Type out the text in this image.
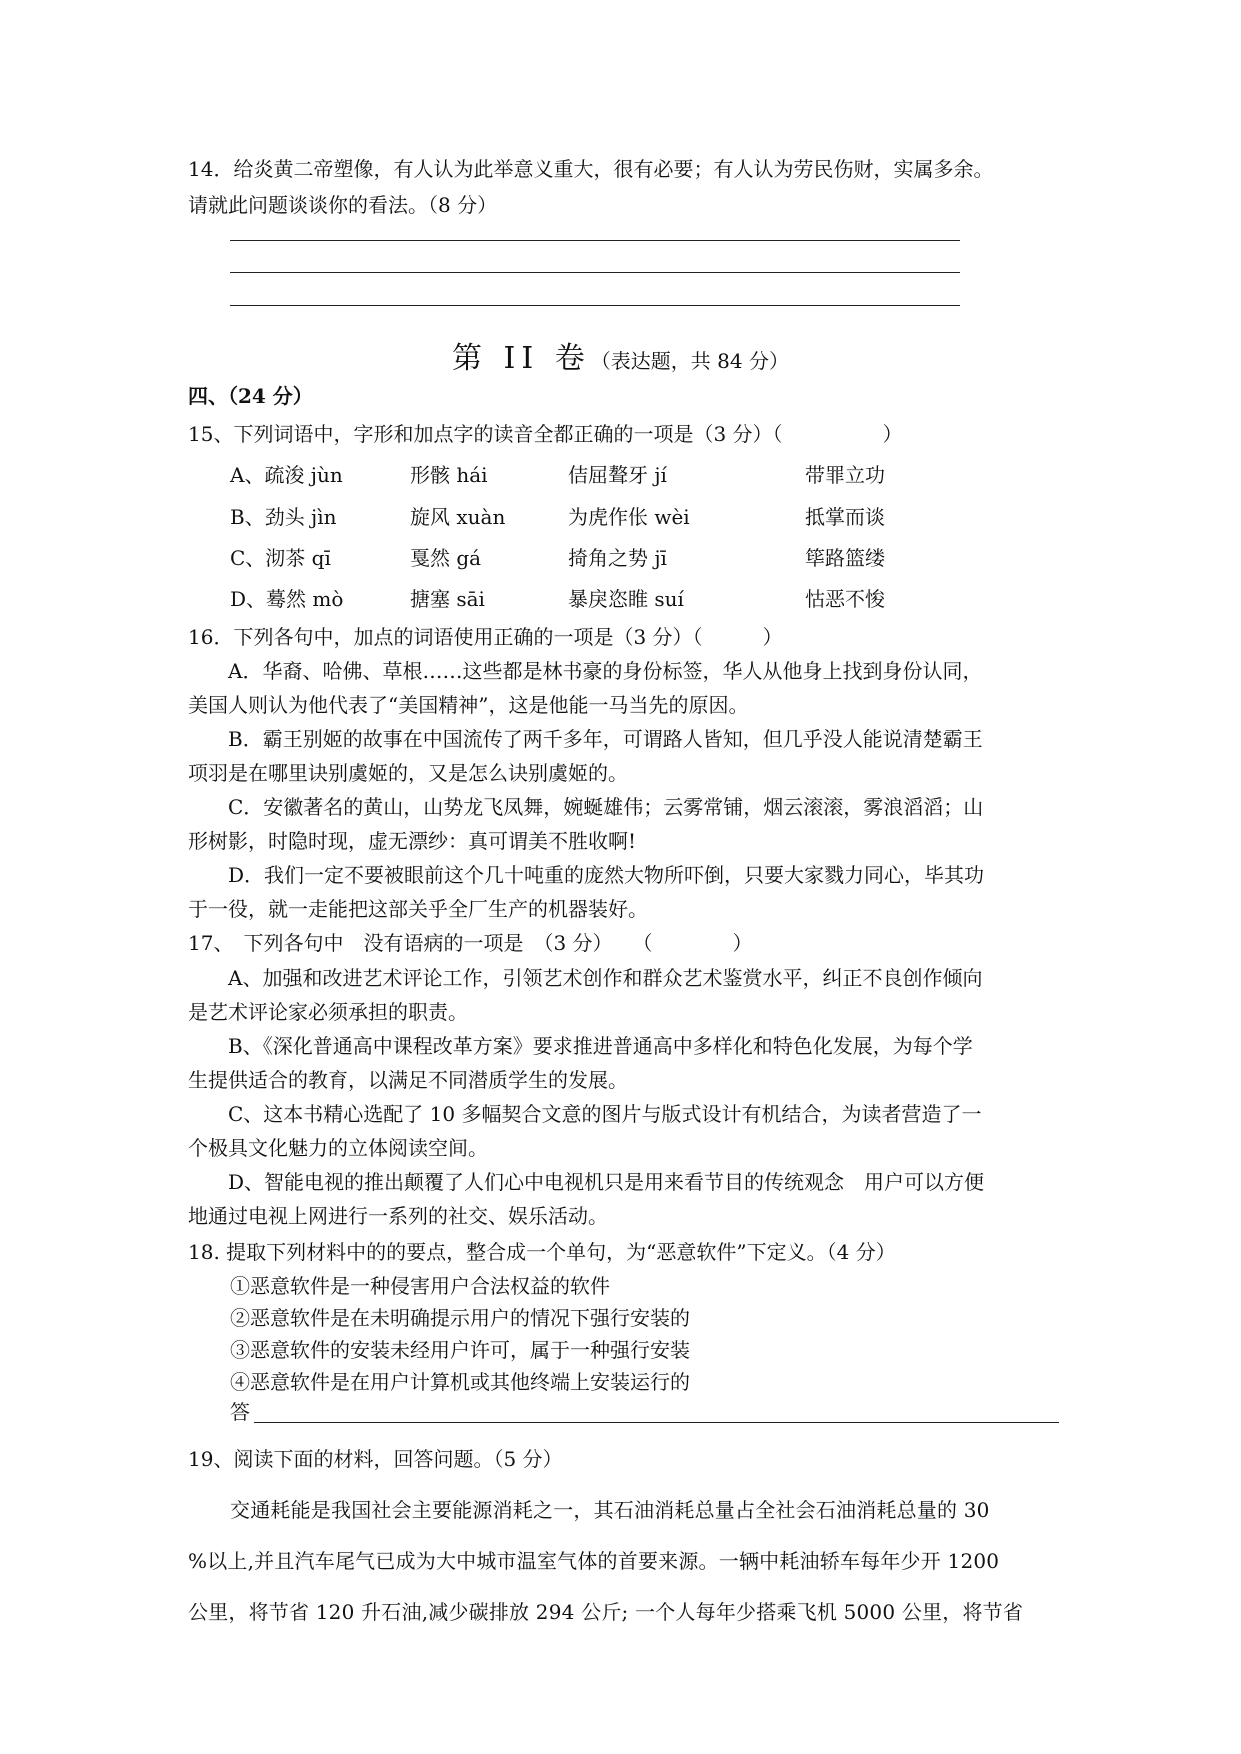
14．给炎黄二帝塑像，有人认为此举意义重大，很有必要；有人认为劳民伤财，实属多余。
请就此问题谈谈你的看法。（8 分）
第 II 卷（表达题，共 84 分）
四、（24 分）
15、下列词语中，字形和加点字的读音全都正确的一项是（3 分）（　　　　　）
A、疏浚 jùn	形骸 hái	佶屈聱牙 jí	带罪立功
B、劲头 jìn	旋风 xuàn	为虎作伥 wèi	抵掌而谈
C、沏茶 qī	戛然 gá	掎角之势 jī	筚路篮缕
D、蓦然 mò	搪塞 sāi	暴戾恣睢 suí	怙恶不悛
16．下列各句中，加点的词语使用正确的一项是（3 分）（　　　）
A．华裔、哈佛、草根……这些都是林书豪的身份标签，华人从他身上找到身份认同，
美国人则认为他代表了“美国精神”，这是他能一马当先的原因。
B．霸王别姬的故事在中国流传了两千多年，可谓路人皆知，但几乎没人能说清楚霸王
项羽是在哪里诀别虞姬的，又是怎么诀别虞姬的。
C．安徽著名的黄山，山势龙飞凤舞，婉蜒雄伟；云雾常铺，烟云滚滚，雾浪滔滔；山
形树影，时隐时现，虚无漂纱：真可谓美不胜收啊!
D．我们一定不要被眼前这个几十吨重的庞然大物所吓倒，只要大家戮力同心，毕其功
于一役，就一走能把这部关乎全厂生产的机器装好。
17、　下列各句中　没有语病的一项是　（3 分）　　（　　　　）
A、加强和改进艺术评论工作，引领艺术创作和群众艺术鉴赏水平，纠正不良创作倾向
是艺术评论家必须承担的职责。
B、《深化普通高中课程改革方案》要求推进普通高中多样化和特色化发展，为每个学
生提供适合的教育，以满足不同潜质学生的发展。
C、这本书精心选配了 10 多幅契合文意的图片与版式设计有机结合，为读者营造了一
个极具文化魅力的立体阅读空间。
D、智能电视的推出颠覆了人们心中电视机只是用来看节目的传统观念　用户可以方便
地通过电视上网进行一系列的社交、娱乐活动。
18. 提取下列材料中的的要点，整合成一个单句，为“恶意软件”下定义。（4 分）
①恶意软件是一种侵害用户合法权益的软件
②恶意软件是在未明确提示用户的情况下强行安装的
③恶意软件的安装未经用户许可，属于一种强行安装
④恶意软件是在用户计算机或其他终端上安装运行的
答
19、阅读下面的材料，回答问题。（5 分）
交通耗能是我国社会主要能源消耗之一，其石油消耗总量占全社会石油消耗总量的 30
%以上,并且汽车尾气已成为大中城市温室气体的首要来源。一辆中耗油轿车每年少开 1200
公里，将节省 120 升石油,减少碳排放 294 公斤; 一个人每年少搭乘飞机 5000 公里，将节省
